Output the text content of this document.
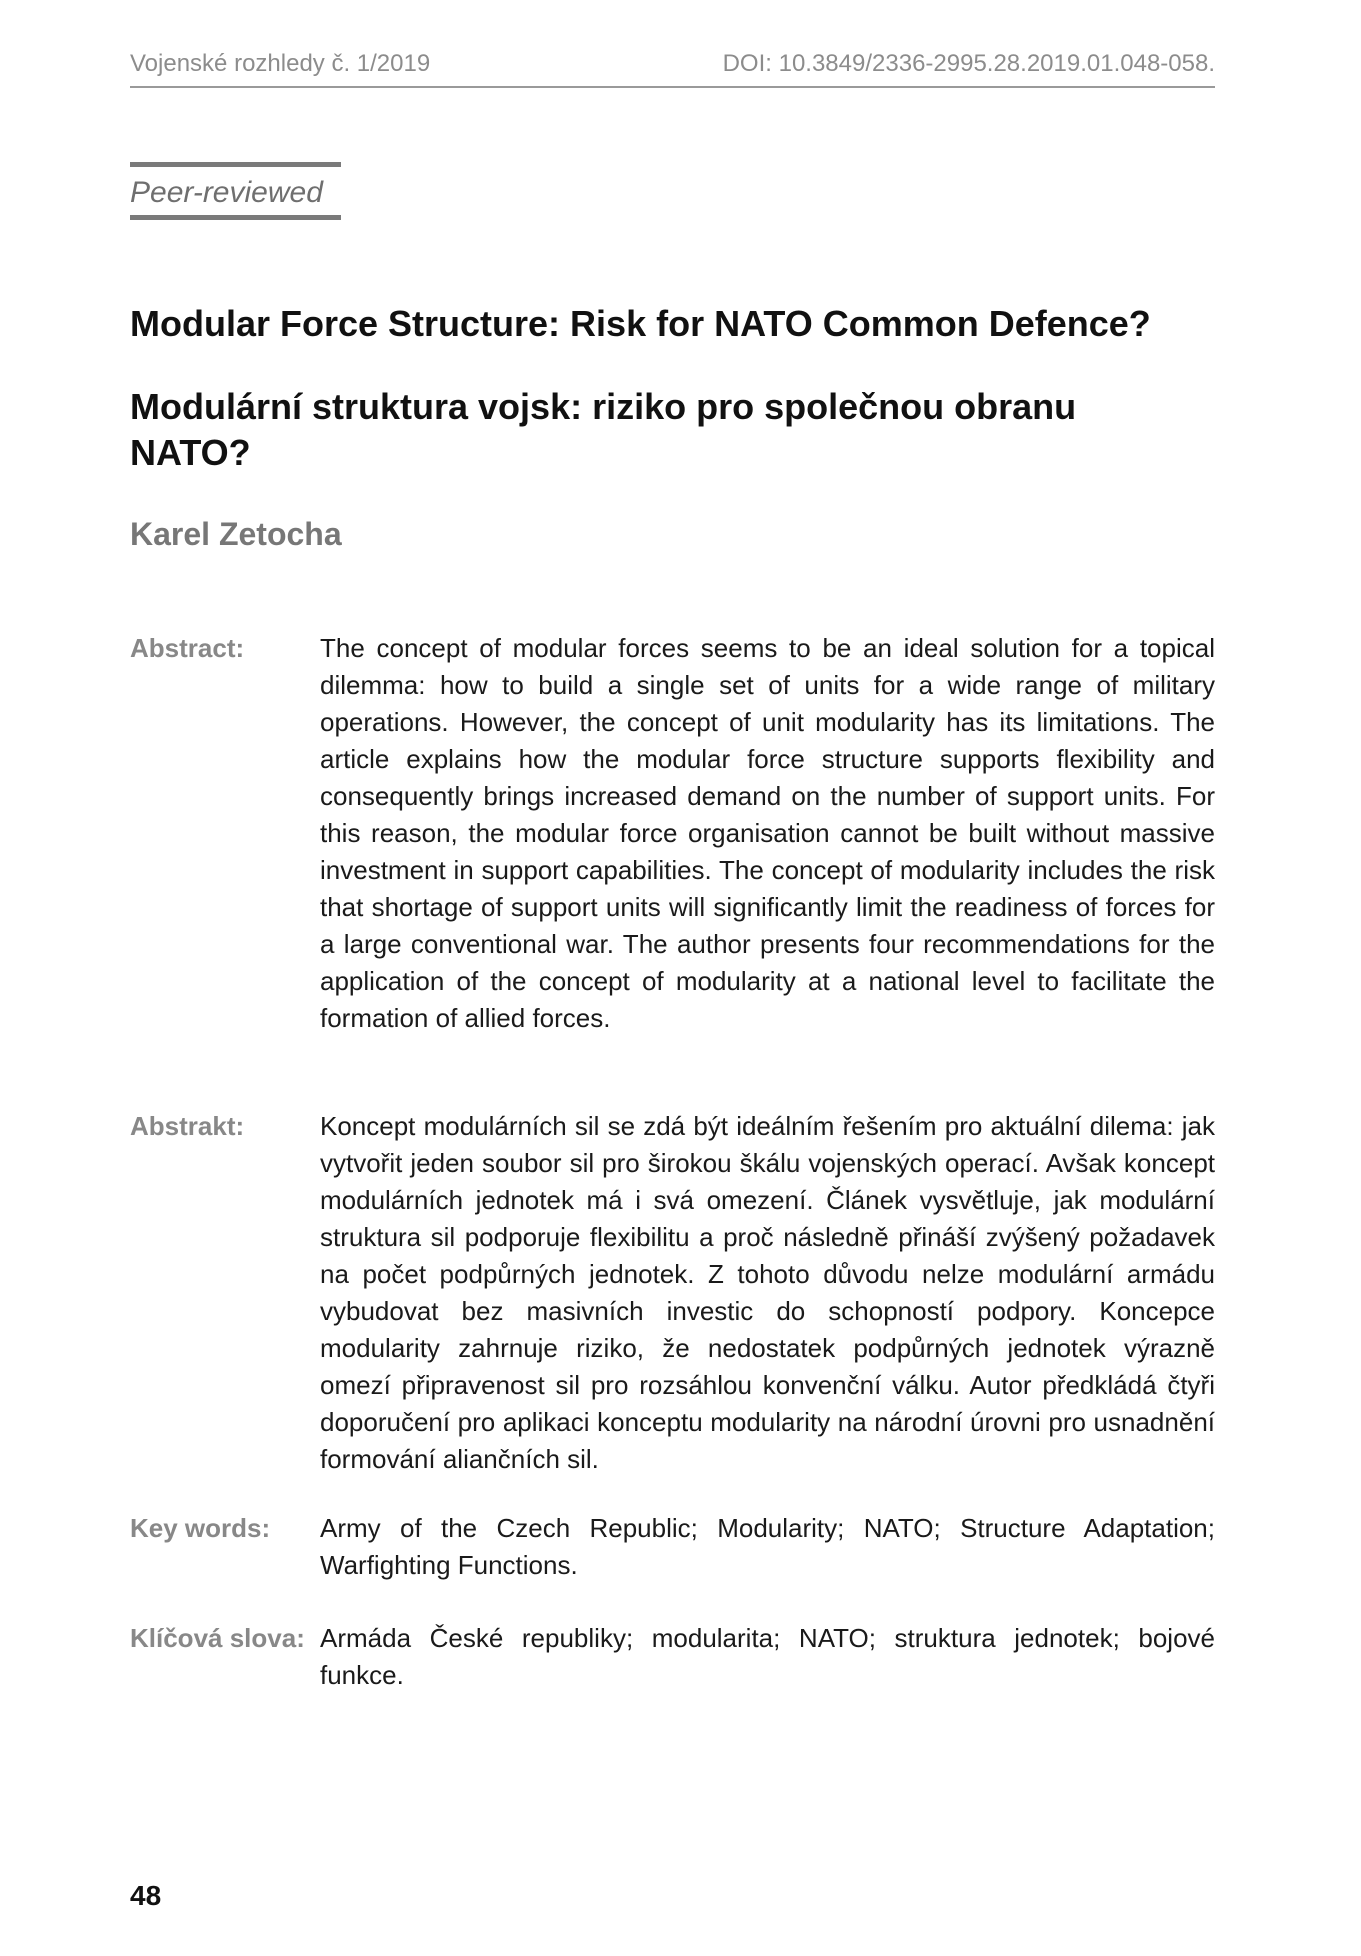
Vojenské rozhledy č. 1/2019	DOI: 10.3849/2336-2995.28.2019.01.048-058.
Peer-reviewed
Modular Force Structure: Risk for NATO Common Defence?
Modulární struktura vojsk: riziko pro společnou obranu NATO?
Karel Zetocha
Abstract:	The concept of modular forces seems to be an ideal solution for a topical dilemma: how to build a single set of units for a wide range of military operations. However, the concept of unit modularity has its limitations. The article explains how the modular force structure supports flexibility and consequently brings increased demand on the number of support units. For this reason, the modular force organisation cannot be built without massive investment in support capabilities. The concept of modularity includes the risk that shortage of support units will significantly limit the readiness of forces for a large conventional war. The author presents four recommendations for the application of the concept of modularity at a national level to facilitate the formation of allied forces.
Abstrakt:	Koncept modulárních sil se zdá být ideálním řešením pro aktuální dilema: jak vytvořit jeden soubor sil pro širokou škálu vojenských operací. Avšak koncept modulárních jednotek má i svá omezení. Článek vysvětluje, jak modulární struktura sil podporuje flexibilitu a proč následně přináší zvýšený požadavek na počet podpůrných jednotek. Z tohoto důvodu nelze modulární armádu vybudovat bez masivních investic do schopností podpory. Koncepce modularity zahrnuje riziko, že nedostatek podpůrných jednotek výrazně omezí připravenost sil pro rozsáhlou konvenční válku. Autor předkládá čtyři doporučení pro aplikaci konceptu modularity na národní úrovni pro usnadnění formování aliančních sil.
Key words:	Army of the Czech Republic; Modularity; NATO; Structure Adaptation; Warfighting Functions.
Klíčová slova: Armáda České republiky; modularita; NATO; struktura jednotek; bojové funkce.
48
